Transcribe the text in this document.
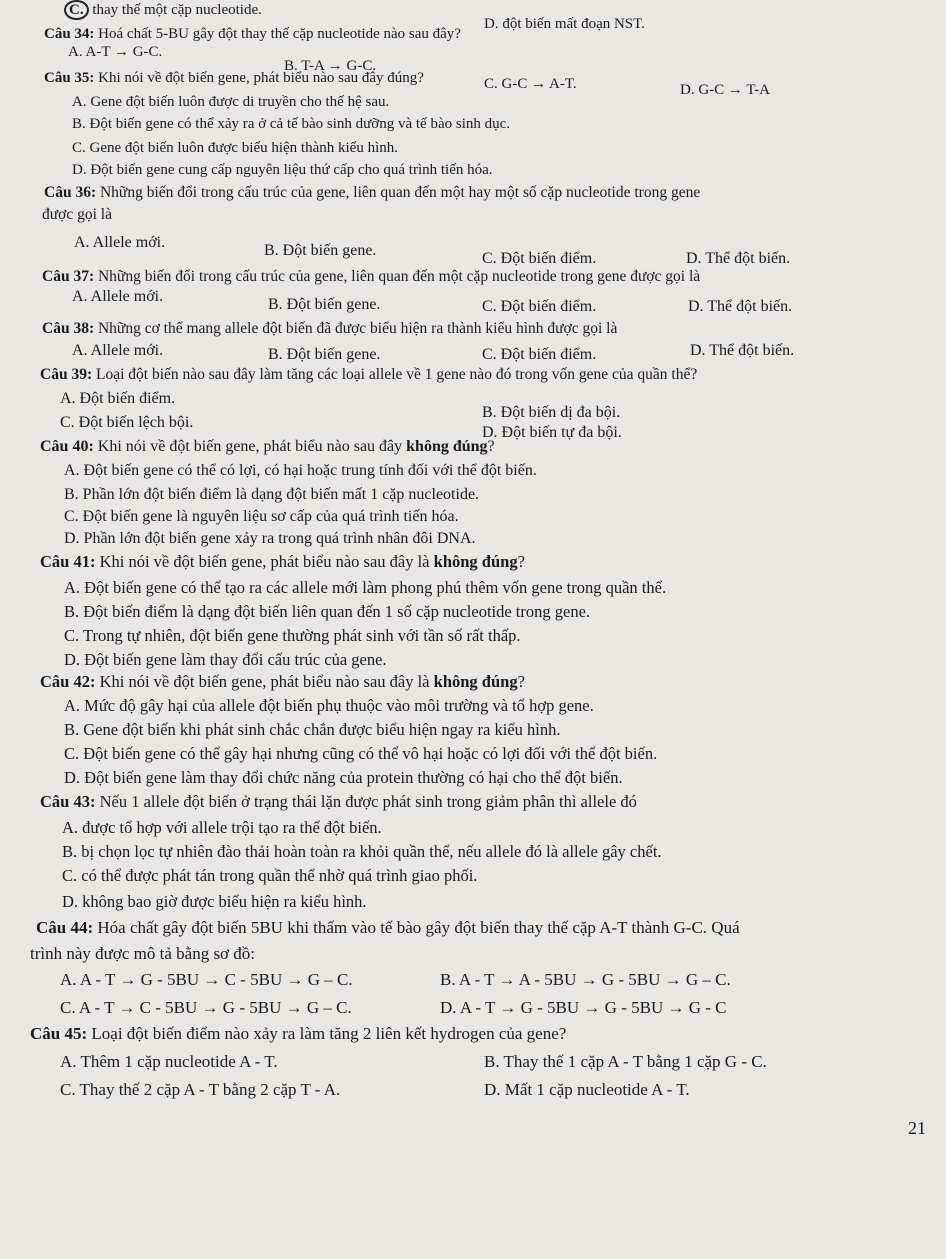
C. thay thế một cặp nucleotide.
D. đột biến mất đoạn NST.
Câu 34: Hoá chất 5-BU gây đột thay thế cặp nucleotide nào sau đây?
A. A-T → G-C.
B. T-A → G-C.
C. G-C → A-T.	D. G-C → T-A
Câu 35: Khi nói về đột biến gene, phát biểu nào sau đây đúng?
A. Gene đột biến luôn được di truyền cho thế hệ sau.
B. Đột biến gene có thể xảy ra ở cả tế bào sinh dưỡng và tế bào sinh dục.
C. Gene đột biến luôn được biểu hiện thành kiểu hình.
D. Đột biến gene cung cấp nguyên liệu thứ cấp cho quá trình tiến hóa.
Câu 36: Những biến đổi trong cấu trúc của gene, liên quan đến một hay một số cặp nucleotide trong gene
được gọi là
A. Allele mới.	B. Đột biến gene.	C. Đột biến điểm.	D. Thể đột biến.
Câu 37: Những biến đổi trong cấu trúc của gene, liên quan đến một cặp nucleotide trong gene được gọi là
A. Allele mới.	B. Đột biến gene.	C. Đột biến điểm.	D. Thể đột biến.
Câu 38: Những cơ thể mang allele đột biến đã được biểu hiện ra thành kiểu hình được gọi là
A. Allele mới.	B. Đột biến gene.	C. Đột biến điểm.	D. Thể đột biến.
Câu 39: Loại đột biến nào sau đây làm tăng các loại allele về 1 gene nào đó trong vốn gene của quần thể?
A. Đột biến điểm.
B. Đột biến dị đa bội.
C. Đột biến lệch bội.
D. Đột biến tự đa bội.
Câu 40: Khi nói về đột biến gene, phát biểu nào sau đây không đúng?
A. Đột biến gene có thể có lợi, có hại hoặc trung tính đối với thể đột biến.
B. Phần lớn đột biến điểm là dạng đột biến mất 1 cặp nucleotide.
C. Đột biến gene là nguyên liệu sơ cấp của quá trình tiến hóa.
D. Phần lớn đột biến gene xảy ra trong quá trình nhân đôi DNA.
Câu 41: Khi nói về đột biến gene, phát biểu nào sau đây là không đúng?
A. Đột biến gene có thể tạo ra các allele mới làm phong phú thêm vốn gene trong quần thể.
B. Đột biến điểm là dạng đột biến liên quan đến 1 số cặp nucleotide trong gene.
C. Trong tự nhiên, đột biến gene thường phát sinh với tần số rất thấp.
D. Đột biến gene làm thay đổi cấu trúc của gene.
Câu 42: Khi nói về đột biến gene, phát biểu nào sau đây là không đúng?
A. Mức độ gây hại của allele đột biến phụ thuộc vào môi trường và tổ hợp gene.
B. Gene đột biến khi phát sinh chắc chắn được biểu hiện ngay ra kiểu hình.
C. Đột biến gene có thể gây hại nhưng cũng có thể vô hại hoặc có lợi đối với thể đột biến.
D. Đột biến gene làm thay đổi chức năng của protein thường có hại cho thể đột biến.
Câu 43: Nếu 1 allele đột biến ở trạng thái lặn được phát sinh trong giảm phân thì allele đó
A. được tổ hợp với allele trội tạo ra thể đột biến.
B. bị chọn lọc tự nhiên đào thải hoàn toàn ra khỏi quần thể, nếu allele đó là allele gây chết.
C. có thể được phát tán trong quần thể nhờ quá trình giao phối.
D. không bao giờ được biểu hiện ra kiểu hình.
Câu 44: Hóa chất gây đột biến 5BU khi thấm vào tế bào gây đột biến thay thế cặp A-T thành G-C. Quá
trình này được mô tả bằng sơ đồ:
A. A - T → G - 5BU → C - 5BU → G – C.	B. A - T → A - 5BU → G - 5BU → G – C.
C. A - T → C - 5BU → G - 5BU → G – C.	D. A - T → G - 5BU → G - 5BU → G - C
Câu 45: Loại đột biến điểm nào xảy ra làm tăng 2 liên kết hydrogen của gene?
A. Thêm 1 cặp nucleotide A - T.	B. Thay thế 1 cặp A - T bằng 1 cặp G - C.
C. Thay thế 2 cặp A - T bằng 2 cặp T - A.	D. Mất 1 cặp nucleotide A - T.
21
